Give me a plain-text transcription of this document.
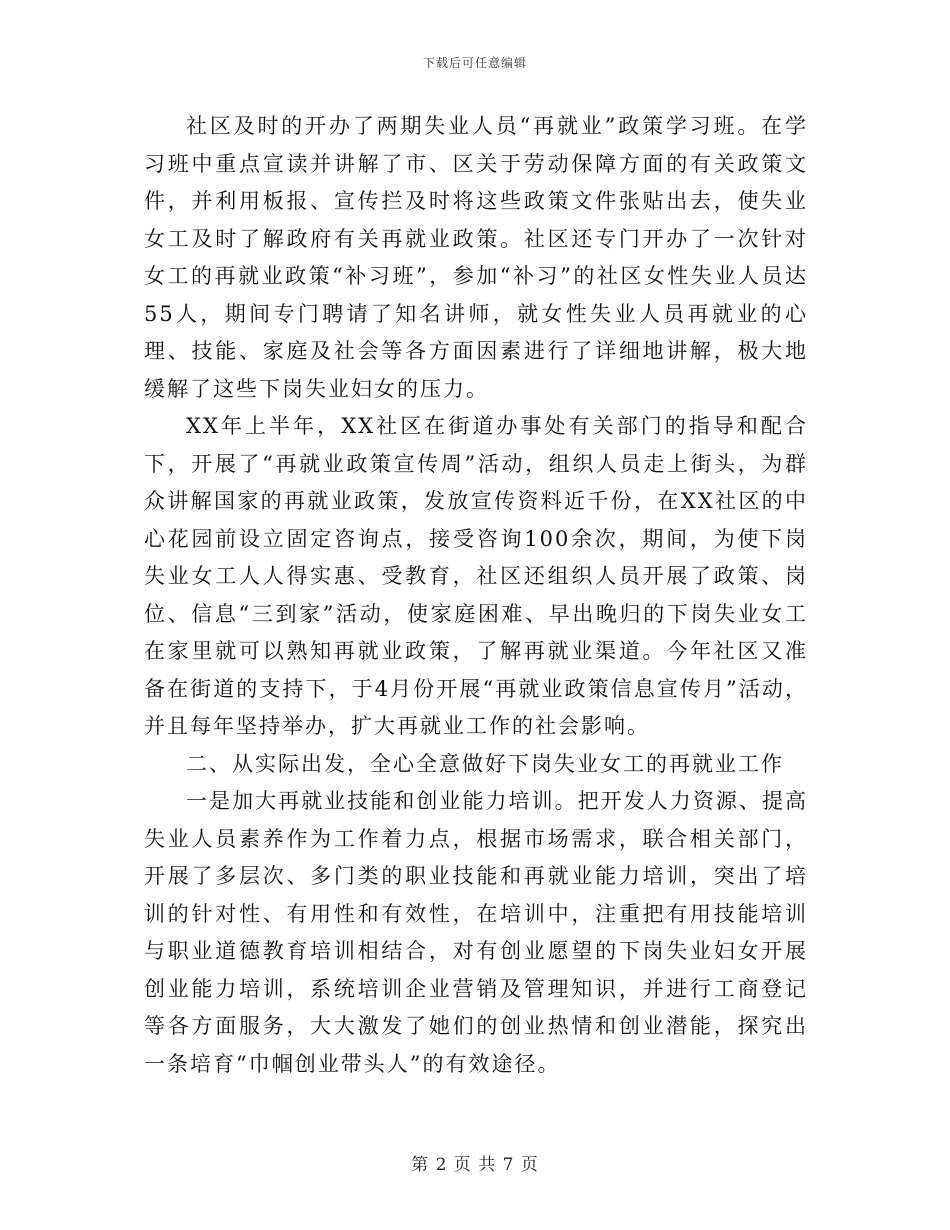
下载后可任意编辑

社区及时的开办了两期失业人员“再就业”政策学习班。在学习班中重点宣读并讲解了市、区关于劳动保障方面的有关政策文件，并利用板报、宣传拦及时将这些政策文件张贴出去，使失业女工及时了解政府有关再就业政策。社区还专门开办了一次针对女工的再就业政策“补习班”，参加“补习”的社区女性失业人员达55人，期间专门聘请了知名讲师，就女性失业人员再就业的心理、技能、家庭及社会等各方面因素进行了详细地讲解，极大地缓解了这些下岗失业妇女的压力。

XX年上半年，XX社区在街道办事处有关部门的指导和配合下，开展了“再就业政策宣传周”活动，组织人员走上街头，为群众讲解国家的再就业政策，发放宣传资料近千份，在XX社区的中心花园前设立固定咨询点，接受咨询100余次，期间，为使下岗失业女工人人得实惠、受教育，社区还组织人员开展了政策、岗位、信息“三到家”活动，使家庭困难、早出晚归的下岗失业女工在家里就可以熟知再就业政策，了解再就业渠道。今年社区又准备在街道的支持下，于4月份开展“再就业政策信息宣传月”活动，并且每年坚持举办，扩大再就业工作的社会影响。

二、从实际出发，全心全意做好下岗失业女工的再就业工作

一是加大再就业技能和创业能力培训。把开发人力资源、提高失业人员素养作为工作着力点，根据市场需求，联合相关部门，开展了多层次、多门类的职业技能和再就业能力培训，突出了培训的针对性、有用性和有效性，在培训中，注重把有用技能培训与职业道德教育培训相结合，对有创业愿望的下岗失业妇女开展创业能力培训，系统培训企业营销及管理知识，并进行工商登记等各方面服务，大大激发了她们的创业热情和创业潜能，探究出一条培育“巾帼创业带头人”的有效途径。

第 2 页 共 7 页
